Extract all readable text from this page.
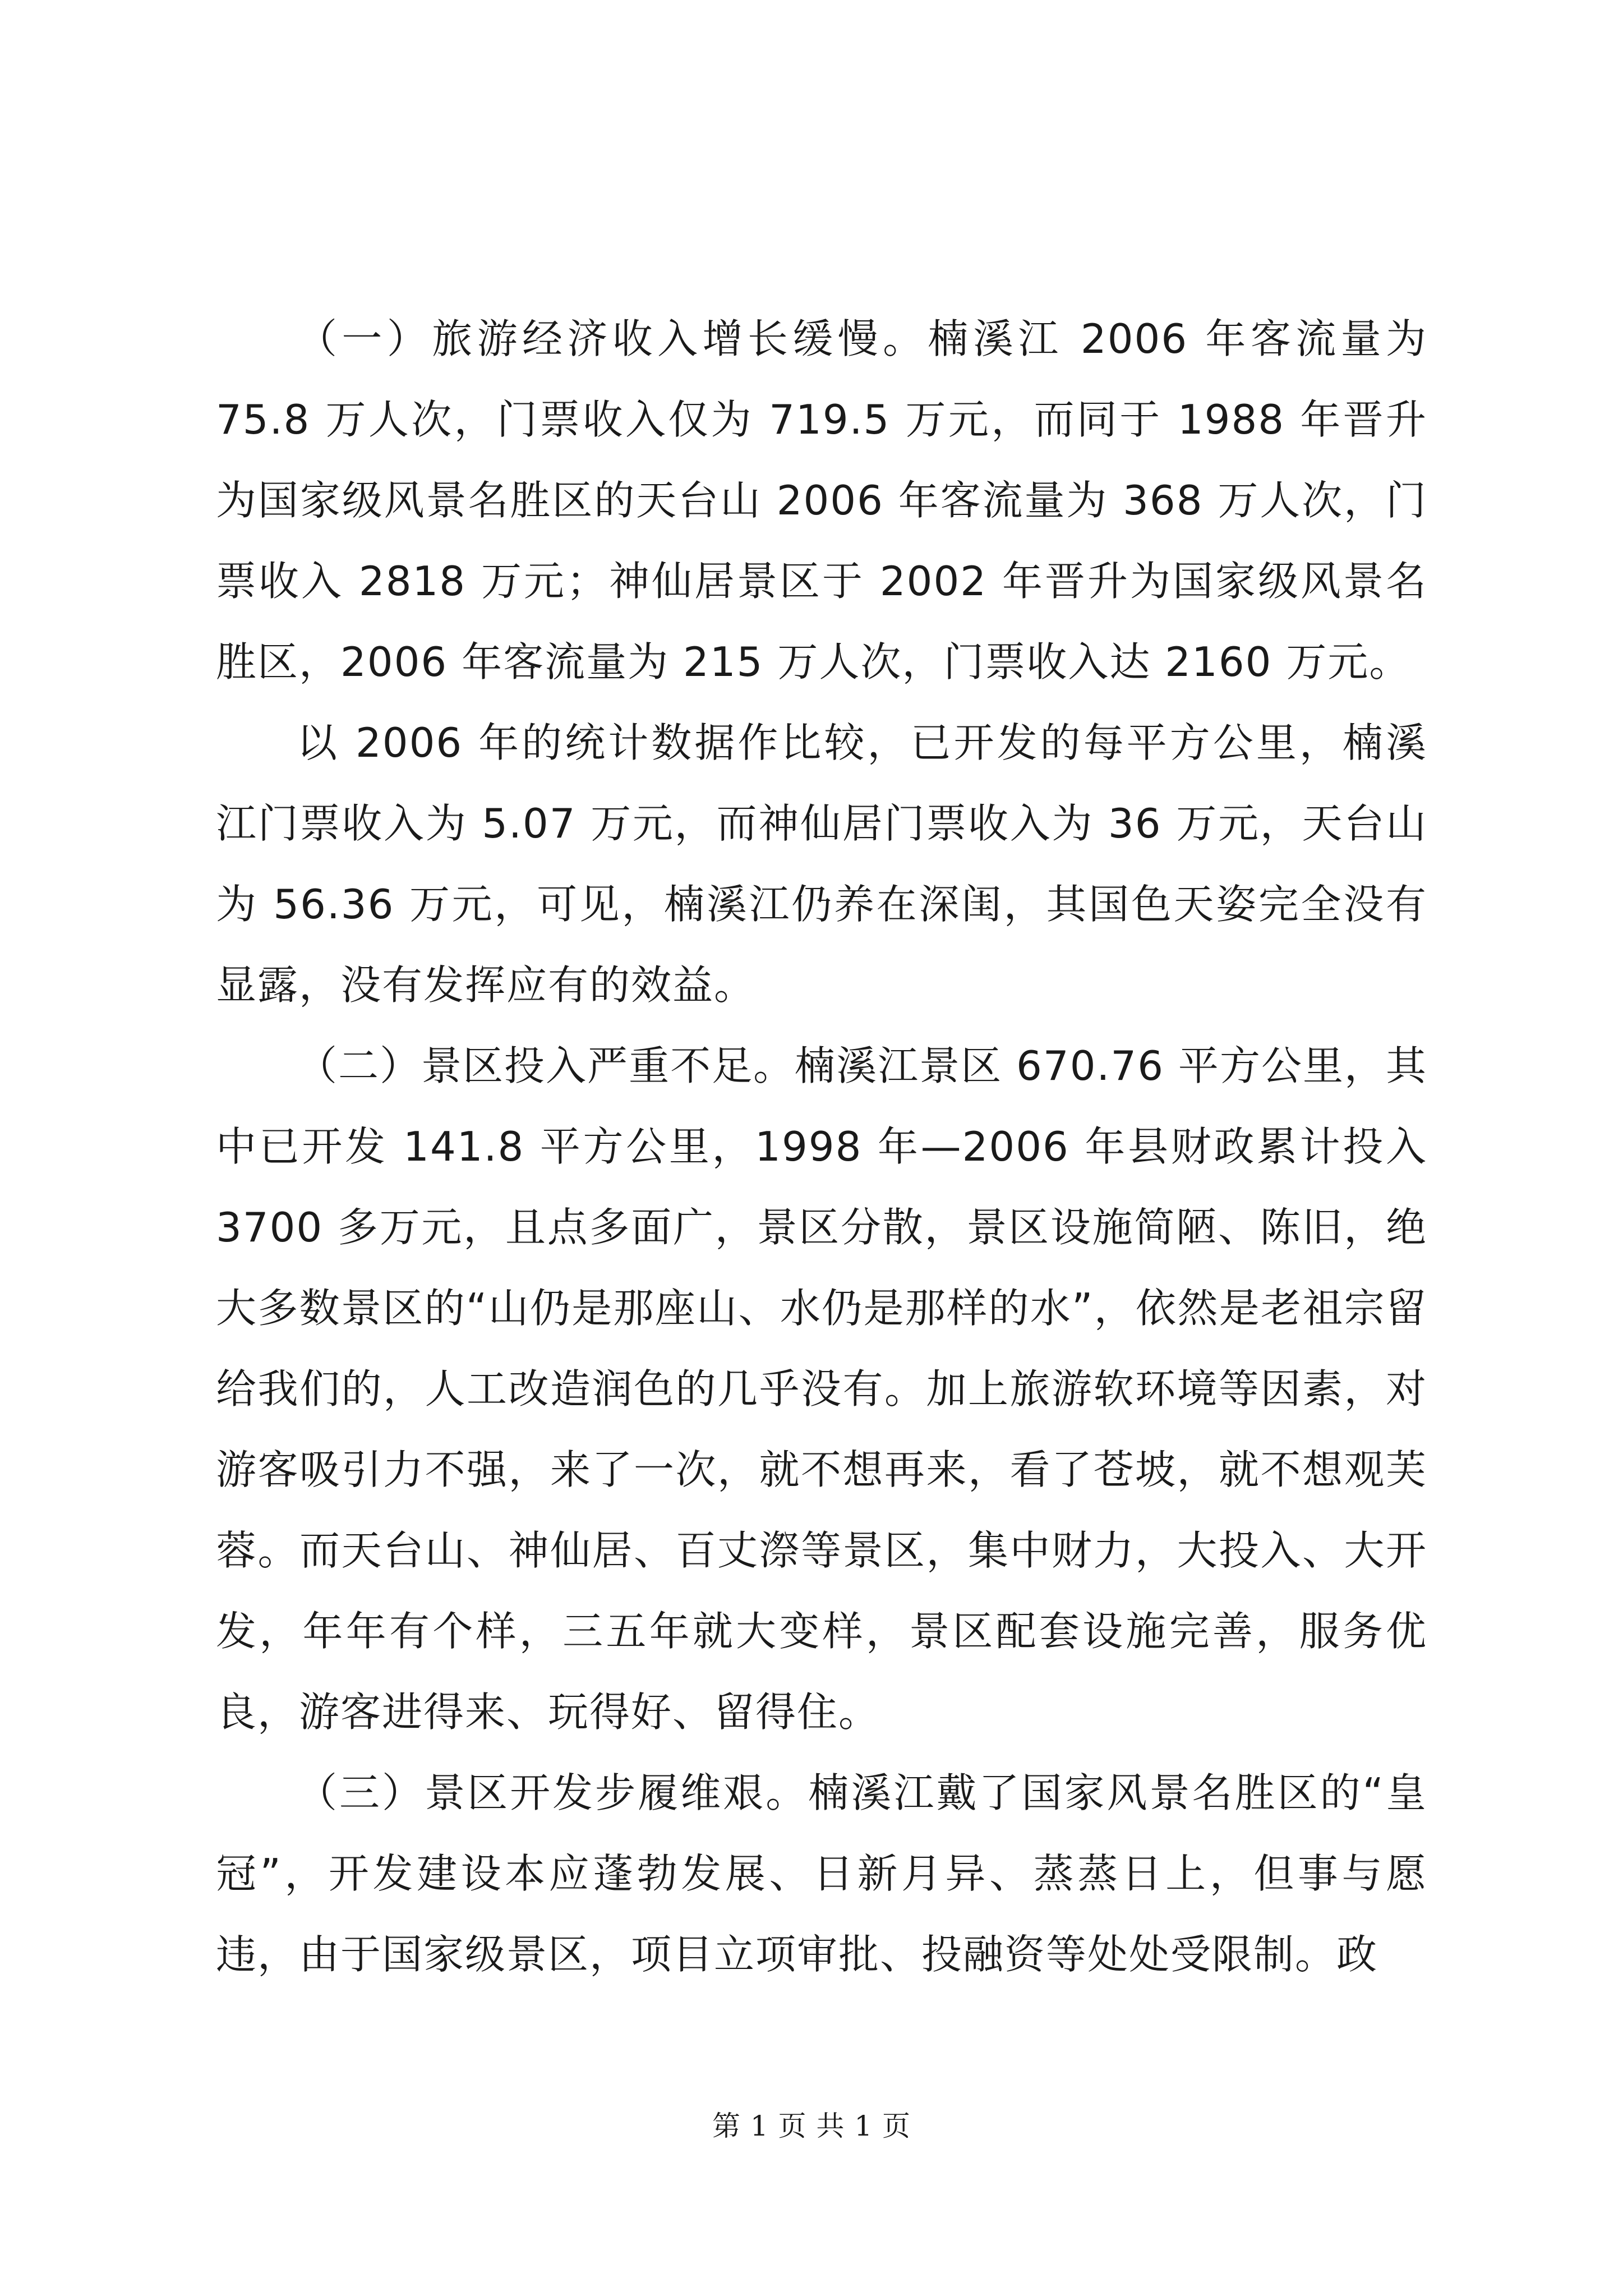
（一）旅游经济收入增长缓慢。楠溪江 2006 年客流量为 75.8 万人次，门票收入仅为 719.5 万元，而同于 1988 年晋升为国家级风景名胜区的天台山 2006 年客流量为 368 万人次，门票收入 2818 万元；神仙居景区于 2002 年晋升为国家级风景名胜区，2006 年客流量为 215 万人次，门票收入达 2160 万元。

以 2006 年的统计数据作比较，已开发的每平方公里，楠溪江门票收入为 5.07 万元，而神仙居门票收入为 36 万元，天台山为 56.36 万元，可见，楠溪江仍养在深闺，其国色天姿完全没有显露，没有发挥应有的效益。

（二）景区投入严重不足。楠溪江景区 670.76 平方公里，其中已开发 141.8 平方公里，1998 年—2006 年县财政累计投入 3700 多万元，且点多面广，景区分散，景区设施简陋、陈旧，绝大多数景区的“山仍是那座山、水仍是那样的水”，依然是老祖宗留给我们的，人工改造润色的几乎没有。加上旅游软环境等因素，对游客吸引力不强，来了一次，就不想再来，看了苍坡，就不想观芙蓉。而天台山、神仙居、百丈漈等景区，集中财力，大投入、大开发，年年有个样，三五年就大变样，景区配套设施完善，服务优良，游客进得来、玩得好、留得住。

（三）景区开发步履维艰。楠溪江戴了国家风景名胜区的“皇冠”，开发建设本应蓬勃发展、日新月异、蒸蒸日上，但事与愿违，由于国家级景区，项目立项审批、投融资等处处受限制。政

第 1 页 共 1 页
